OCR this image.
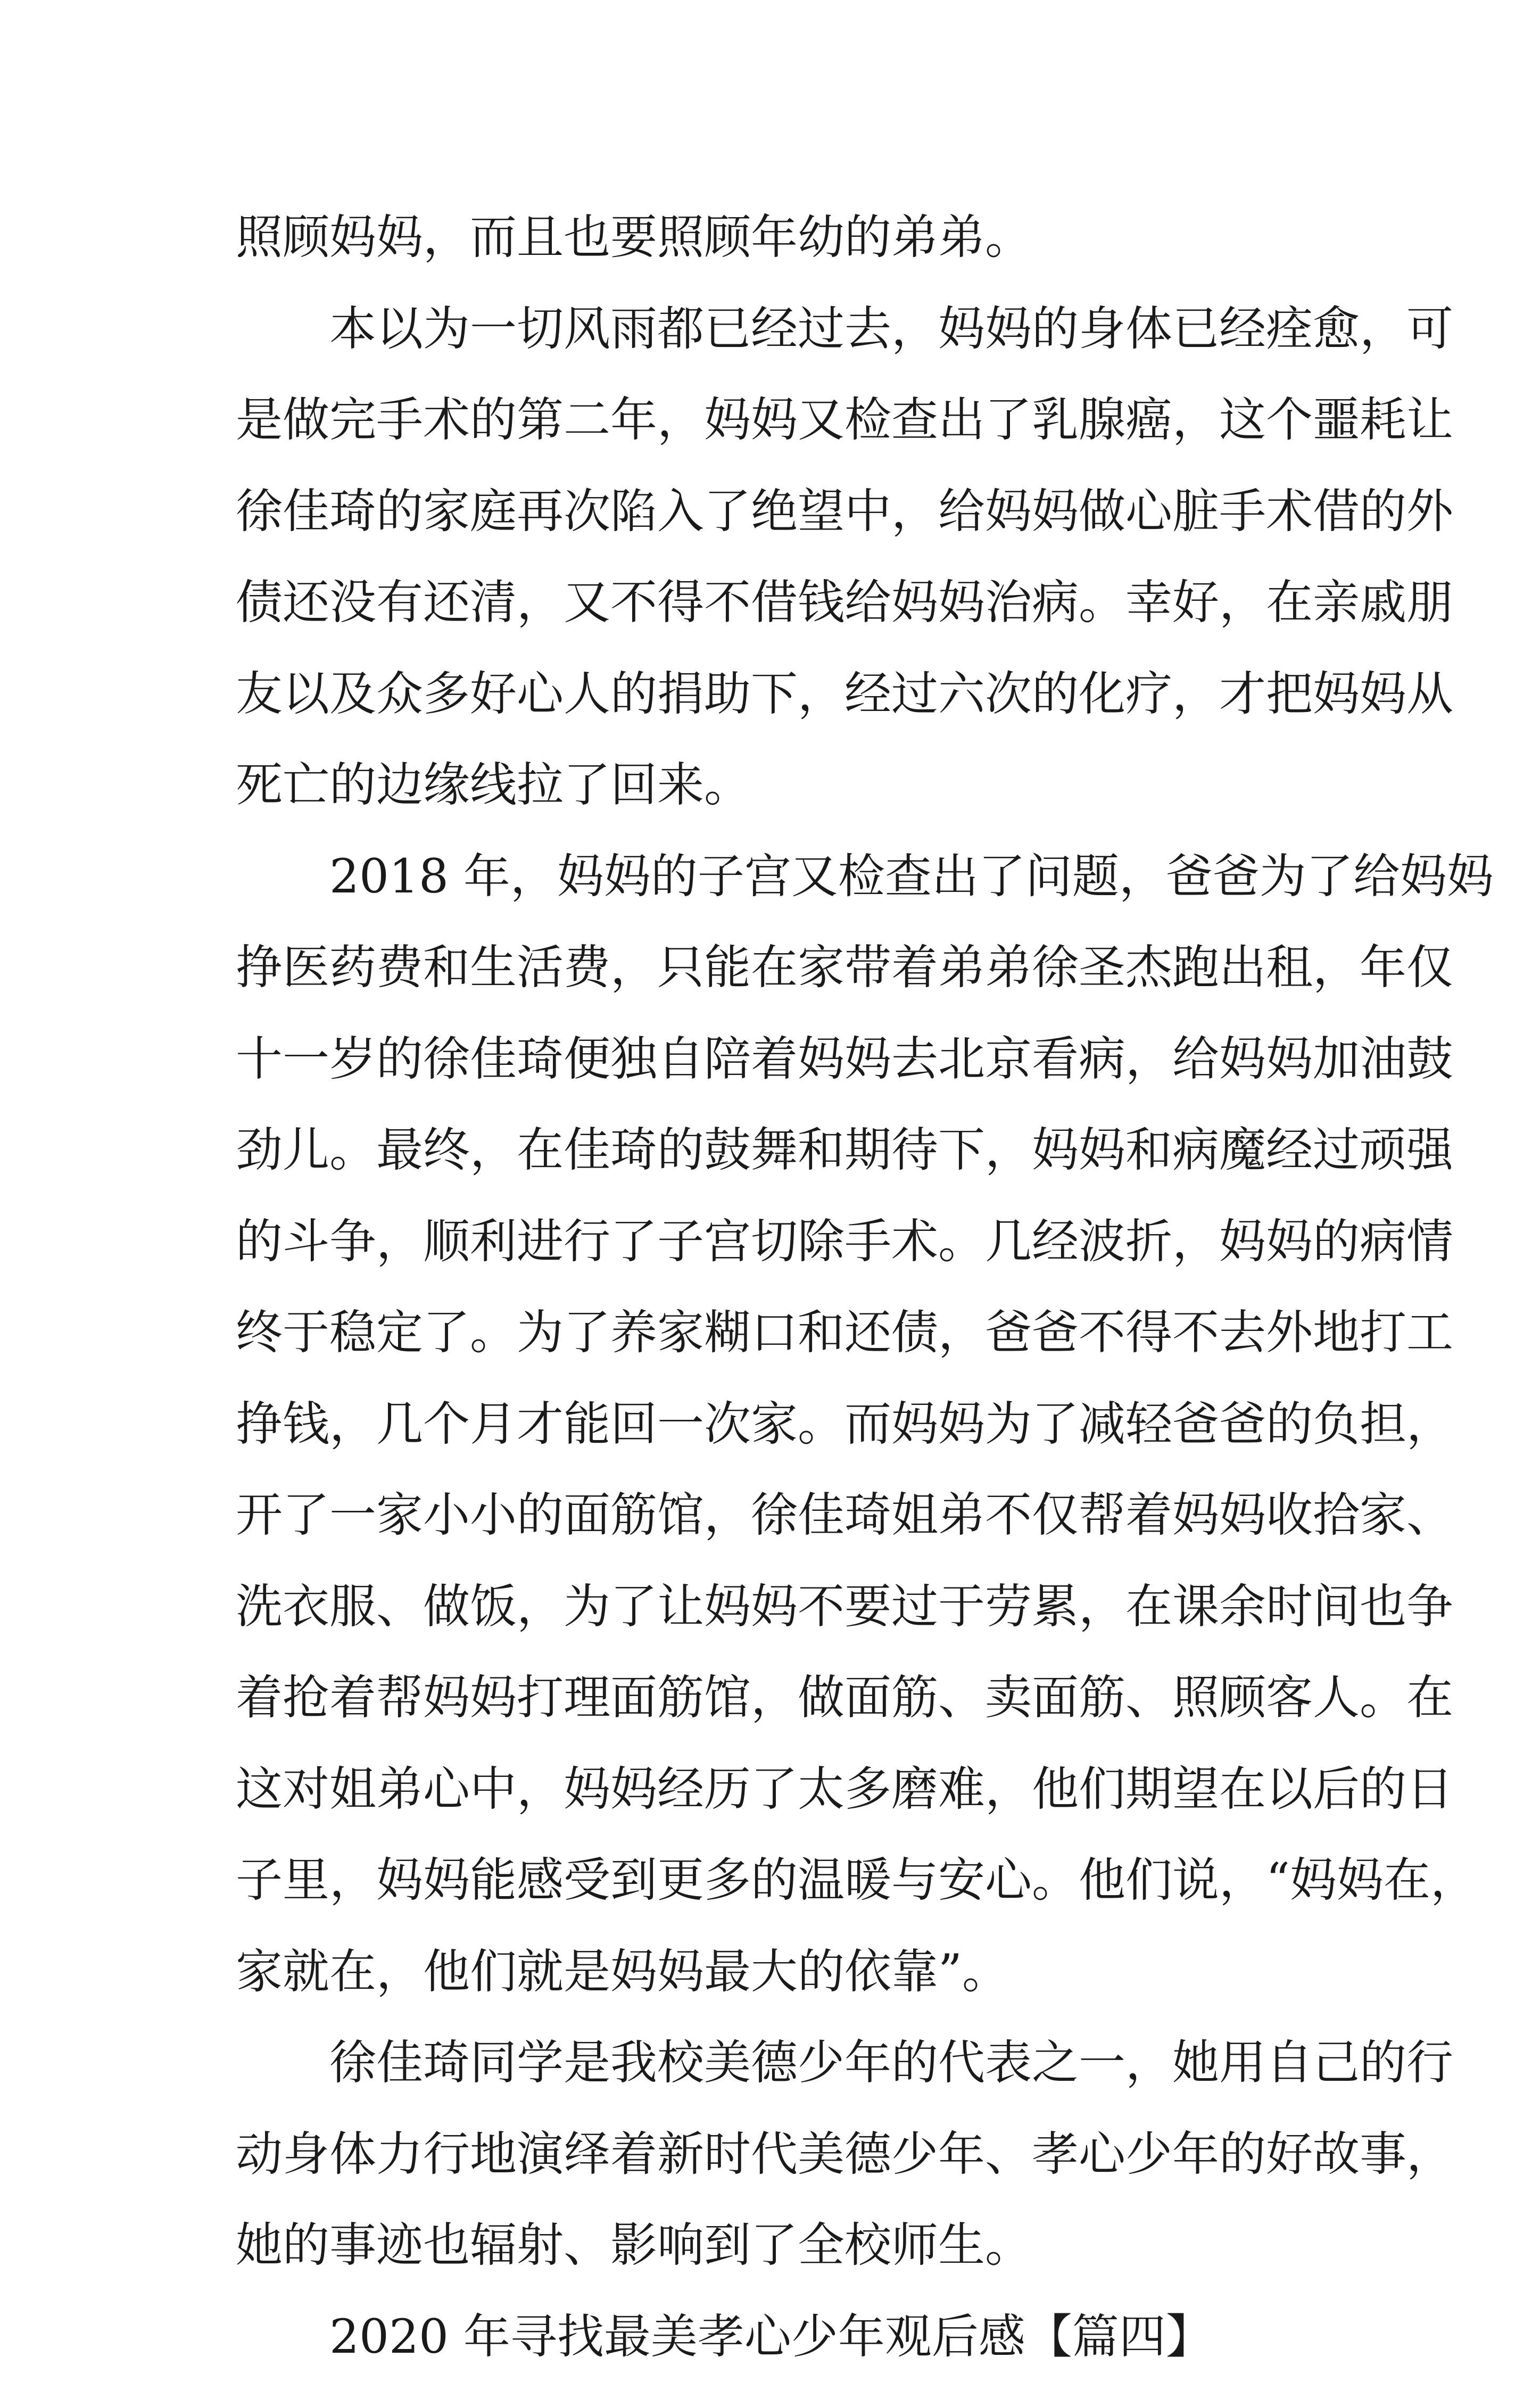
照顾妈妈，而且也要照顾年幼的弟弟。
本以为一切风雨都已经过去，妈妈的身体已经痊愈，可
是做完手术的第二年，妈妈又检查出了乳腺癌，这个噩耗让
徐佳琦的家庭再次陷入了绝望中，给妈妈做心脏手术借的外
债还没有还清，又不得不借钱给妈妈治病。幸好，在亲戚朋
友以及众多好心人的捐助下，经过六次的化疗，才把妈妈从
死亡的边缘线拉了回来。
2018 年，妈妈的子宫又检查出了问题，爸爸为了给妈妈
挣医药费和生活费，只能在家带着弟弟徐圣杰跑出租，年仅
十一岁的徐佳琦便独自陪着妈妈去北京看病，给妈妈加油鼓
劲儿。最终，在佳琦的鼓舞和期待下，妈妈和病魔经过顽强
的斗争，顺利进行了子宫切除手术。几经波折，妈妈的病情
终于稳定了。为了养家糊口和还债，爸爸不得不去外地打工
挣钱，几个月才能回一次家。而妈妈为了减轻爸爸的负担，
开了一家小小的面筋馆，徐佳琦姐弟不仅帮着妈妈收拾家、
洗衣服、做饭，为了让妈妈不要过于劳累，在课余时间也争
着抢着帮妈妈打理面筋馆，做面筋、卖面筋、照顾客人。在
这对姐弟心中，妈妈经历了太多磨难，他们期望在以后的日
子里，妈妈能感受到更多的温暖与安心。他们说，“妈妈在，
家就在，他们就是妈妈最大的依靠”。
徐佳琦同学是我校美德少年的代表之一，她用自己的行
动身体力行地演绎着新时代美德少年、孝心少年的好故事，
她的事迹也辐射、影响到了全校师生。
2020 年寻找最美孝心少年观后感【篇四】
